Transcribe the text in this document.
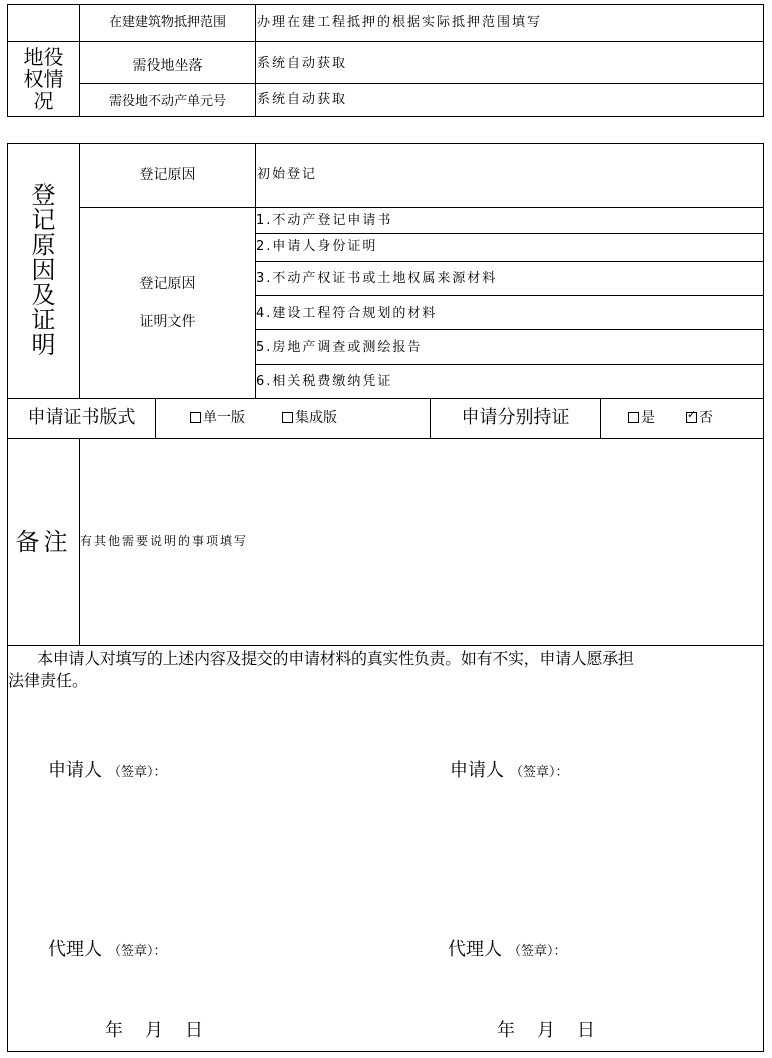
地役
权情
况
在建建筑物抵押范围	办理在建工程抵押的根据实际抵押范围填写
需役地坐落	系统自动获取
需役地不动产单元号	系统自动获取
登
记
原
因
及
证
明
登记原因	初始登记
登记原因
证明文件
1.不动产登记申请书
2.申请人身份证明
3.不动产权证书或土地权属来源材料
4.建设工程符合规划的材料
5.房地产调查或测绘报告
6.相关税费缴纳凭证
申请证书版式	单一版	集成版	申请分别持证	是
✓	否
备注 有其他需要说明的事项填写
本申请人对填写的上述内容及提交的申请材料的真实性负责。如有不实，申请人愿承担
法律责任。
申请人 （签章）：	申请人 （签章）：
代理人 （签章）：	代理人 （签章）：
年 月 日	年 月 日
